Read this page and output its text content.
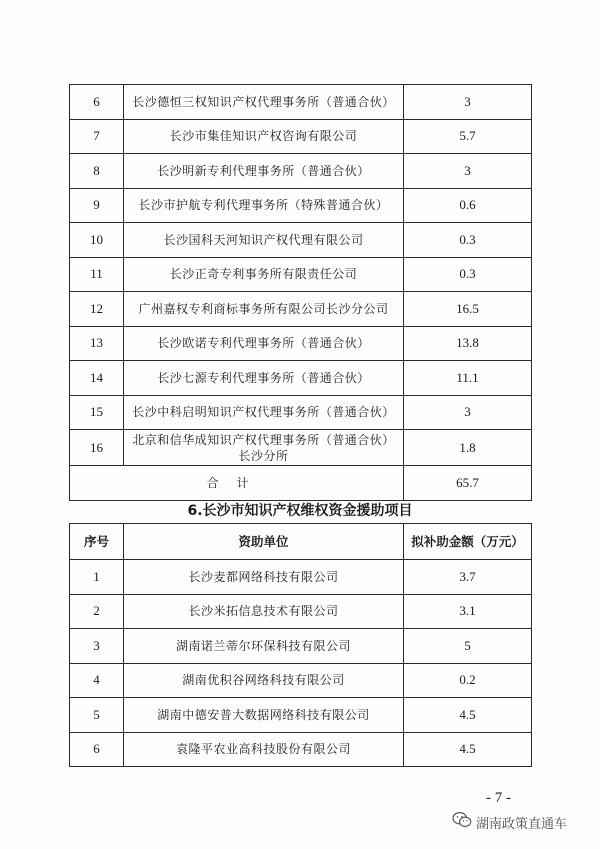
6	长沙德恒三权知识产权代理事务所（普通合伙）	3
7	长沙市集佳知识产权咨询有限公司	5.7
8	长沙明新专利代理事务所（普通合伙）	3
9	长沙市护航专利代理事务所（特殊普通合伙）	0.6
10	长沙国科天河知识产权代理有限公司	0.3
11	长沙正奇专利事务所有限责任公司	0.3
12	广州嘉权专利商标事务所有限公司长沙分公司	16.5
13	长沙欧诺专利代理事务所（普通合伙）	13.8
14	长沙七源专利代理事务所（普通合伙）	11.1
15	长沙中科启明知识产权代理事务所（普通合伙）	3
16	北京和信华成知识产权代理事务所（普通合伙）长沙分所	1.8
合计		65.7
6.长沙市知识产权维权资金援助项目
序号	资助单位	拟补助金额（万元）
1	长沙麦都网络科技有限公司	3.7
2	长沙米拓信息技术有限公司	3.1
3	湖南诺兰蒂尔环保科技有限公司	5
4	湖南优积谷网络科技有限公司	0.2
5	湖南中德安普大数据网络科技有限公司	4.5
6	袁隆平农业高科技股份有限公司	4.5
- 7 -
湖南政策直通车
